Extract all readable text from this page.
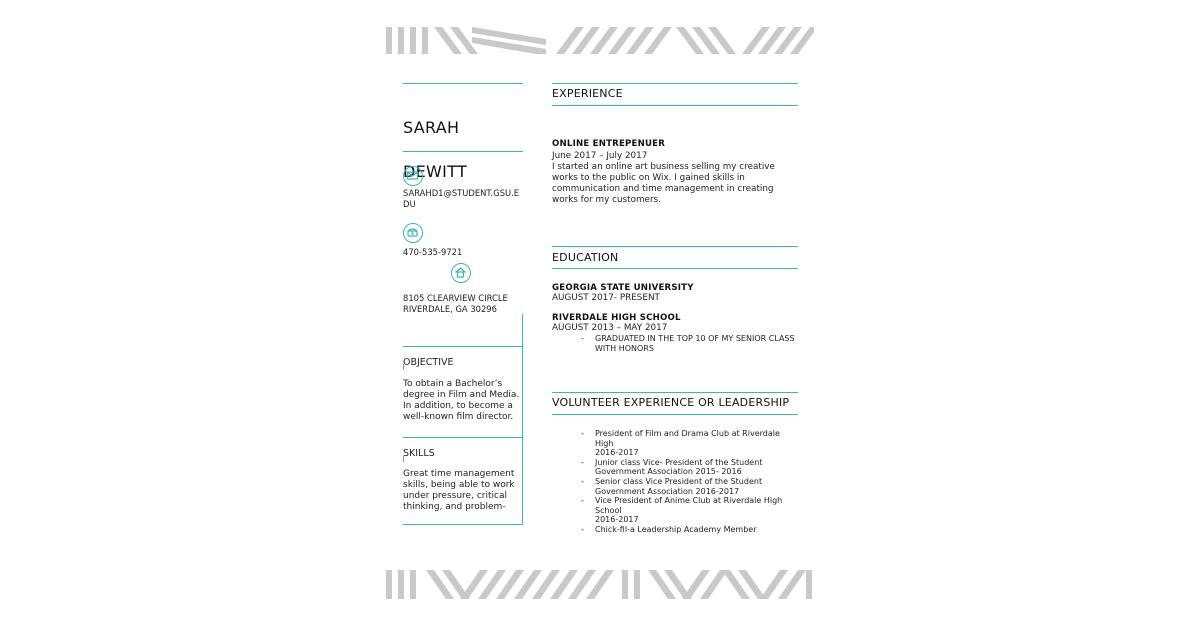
SARAH

DEWITT

SARAHD1@STUDENT.GSU.EDU

470-535-9721

8105 CLEARVIEW CIRCLE
RIVERDALE, GA 30296

OBJECTIVE

To obtain a Bachelor’s degree in Film and Media. In addition, to become a well-known film director.

SKILLS

Great time management skills, being able to work under pressure, critical thinking, and problem-

EXPERIENCE

ONLINE ENTREPENUER

June 2017 – July 2017

I started an online art business selling my creative works to the public on Wix. I gained skills in communication and time management in creating works for my customers.

EDUCATION

GEORGIA STATE UNIVERSITY

AUGUST 2017- PRESENT

RIVERDALE HIGH SCHOOL

AUGUST 2013 – MAY 2017

- GRADUATED IN THE TOP 10 OF MY SENIOR CLASS WITH HONORS

VOLUNTEER EXPERIENCE OR LEADERSHIP

- President of Film and Drama Club at Riverdale High
2016-2017
- Junior class Vice- President of the Student Government Association 2015- 2016
- Senior class Vice President of the Student Government Association 2016-2017
- Vice President of Anime Club at Riverdale High School
2016-2017
- Chick-fil-a Leadership Academy Member
